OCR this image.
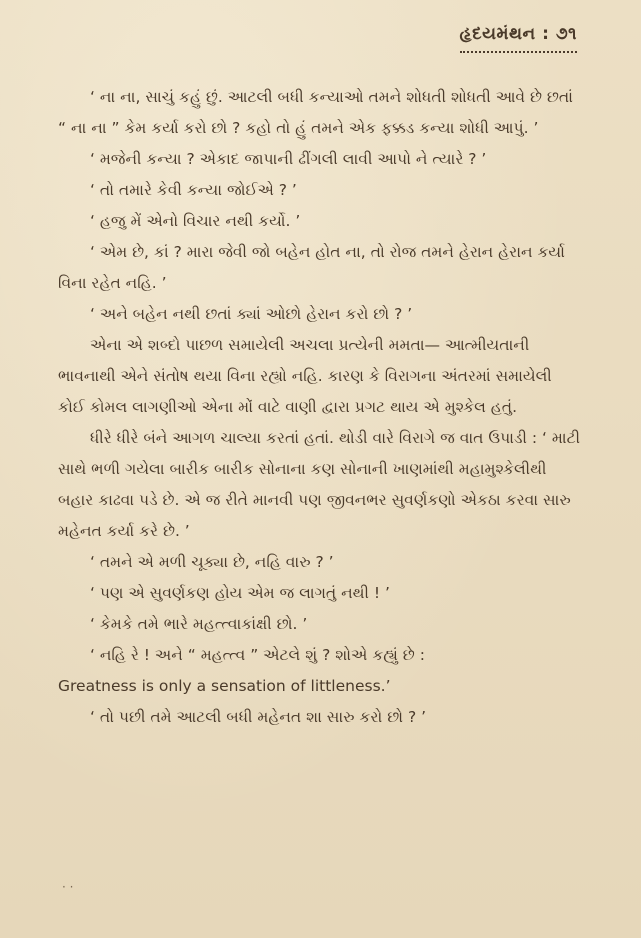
હૃદયમંથન : ૭૧

‘ ના ના, સાચું કહું છું. આટલી બધી કન્યાઓ તમને શોધતી શોધતી આવે છે છતાં “ ના ના ” કેમ કર્યા કરો છો ? કહો તો હું તમને એક ફક્કડ કન્યા શોધી આપું. ’

‘ મજેની કન્યા ? એકાદ જાપાની ઢીંગલી લાવી આપો ને ત્યારે ? ’

‘ તો તમારે કેવી કન્યા જોઈએ ? ’

‘ હજુ મેં એનો વિચાર નથી કર્યો. ’

‘ એમ છે, કાં ? મારા જેવી જો બહેન હોત ના, તો રોજ તમને હેરાન હેરાન કર્યા વિના રહેત નહિ. ’

‘ અને બહેન નથી છતાં ક્યાં ઓછો હેરાન કરો છો ? ’

એના એ શબ્દો પાછળ સમાયેલી અચલા પ્રત્યેની મમતા— આત્મીયતાની ભાવનાથી એને સંતોષ થયા વિના રહ્યો નહિ. કારણ કે વિરાગના અંતરમાં સમાયેલી કોઈ કોમલ લાગણીઓ એના મોં વાટે વાણી દ્વારા પ્રગટ થાય એ મુશ્કેલ હતું.

ધીરે ધીરે બંને આગળ ચાલ્યા કરતાં હતાં. થોડી વારે વિરાગે જ વાત ઉપાડી : ‘ માટી સાથે ભળી ગયેલા બારીક બારીક સોનાના કણ સોનાની ખાણમાંથી મહામુશ્કેલીથી બહાર કાઢવા પડે છે. એ જ રીતે માનવી પણ જીવનભર સુવર્ણકણો એકઠા કરવા સારુ મહેનત કર્યા કરે છે. ’

‘ તમને એ મળી ચૂક્યા છે, નહિ વારુ ? ’

‘ પણ એ સુવર્ણકણ હોય એમ જ લાગતું નથી ! ’

‘ કેમકે તમે ભારે મહત્ત્વાકાંક્ષી છો. ’

‘ નહિ રે ! અને “ મહત્ત્વ ” એટલે શું ? શોએ કહ્યું છે :

Greatness is only a sensation of littleness.’

‘ તો પછી તમે આટલી બધી મહેનત શા સારુ કરો છો ? ’

· ·
